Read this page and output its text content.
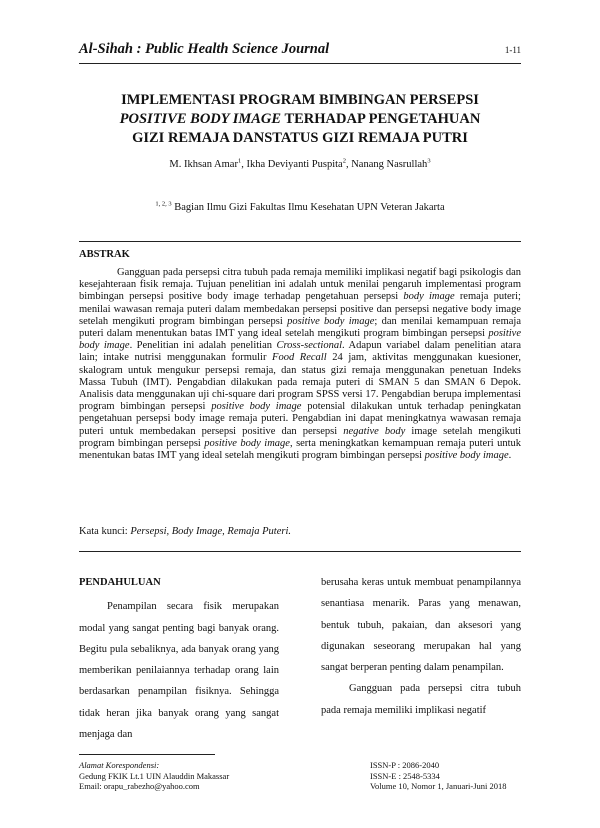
Al-Sihah : Public Health Science Journal	1-11
IMPLEMENTASI PROGRAM BIMBINGAN PERSEPSI
POSITIVE BODY IMAGE TERHADAP PENGETAHUAN
GIZI REMAJA DANSTATUS GIZI REMAJA PUTRI
M. Ikhsan Amar$^1$, Ikha Deviyanti Puspita$^2$, Nanang Nasrullah$^3$
$^{1, 2, 3}$ Bagian Ilmu Gizi Fakultas Ilmu Kesehatan UPN Veteran Jakarta
ABSTRAK
Gangguan pada persepsi citra tubuh pada remaja memiliki implikasi negatif bagi psikologis dan kesejahteraan fisik remaja. Tujuan penelitian ini adalah untuk menilai pengaruh implementasi program bimbingan persepsi positive body image terhadap pengetahuan persepsi body image remaja puteri; menilai wawasan remaja puteri dalam membedakan persepsi positive dan persepsi negative body image setelah mengikuti program bimbingan persepsi positive body image; dan menilai kemampuan remaja puteri dalam menentukan batas IMT yang ideal setelah mengikuti program bimbingan persepsi positive body image. Penelitian ini adalah penelitian Cross-sectional. Adapun variabel dalam penelitian atara lain; intake nutrisi menggunakan formulir Food Recall 24 jam, aktivitas menggunakan kuesioner, skalogram untuk mengukur persepsi remaja, dan status gizi remaja menggunakan penetuan Indeks Massa Tubuh (IMT). Pengabdian dilakukan pada remaja puteri di SMAN 5 dan SMAN 6 Depok. Analisis data menggunakan uji chi-square dari program SPSS versi 17. Pengabdian berupa implementasi program bimbingan persepsi positive body image potensial dilakukan untuk terhadap peningkatan pengetahuan persepsi body image remaja puteri. Pengabdian ini dapat meningkatnya wawasan remaja puteri untuk membedakan persepsi positive dan persepsi negative body image setelah mengikuti program bimbingan persepsi positive body image, serta meningkatkan kemampuan remaja puteri untuk menentukan batas IMT yang ideal setelah mengikuti program bimbingan persepsi positive body image.
Kata kunci: Persepsi, Body Image, Remaja Puteri.
PENDAHULUAN
Penampilan secara fisik merupakan modal yang sangat penting bagi banyak orang. Begitu pula sebaliknya, ada banyak orang yang memberikan penilaiannya terhadap orang lain berdasarkan penampilan fisiknya. Sehingga tidak heran jika banyak orang yang sangat menjaga dan
berusaha keras untuk membuat penampilannya senantiasa menarik. Paras yang menawan, bentuk tubuh, pakaian, dan aksesori yang digunakan seseorang merupakan hal yang sangat berperan penting dalam penampilan.
Gangguan pada persepsi citra tubuh pada remaja memiliki implikasi negatif
Alamat Korespondensi:
Gedung FKIK Lt.1 UIN Alauddin Makassar
Email: orapu_rabezho@yahoo.com
ISSN-P : 2086-2040
ISSN-E : 2548-5334
Volume 10, Nomor 1, Januari-Juni 2018
